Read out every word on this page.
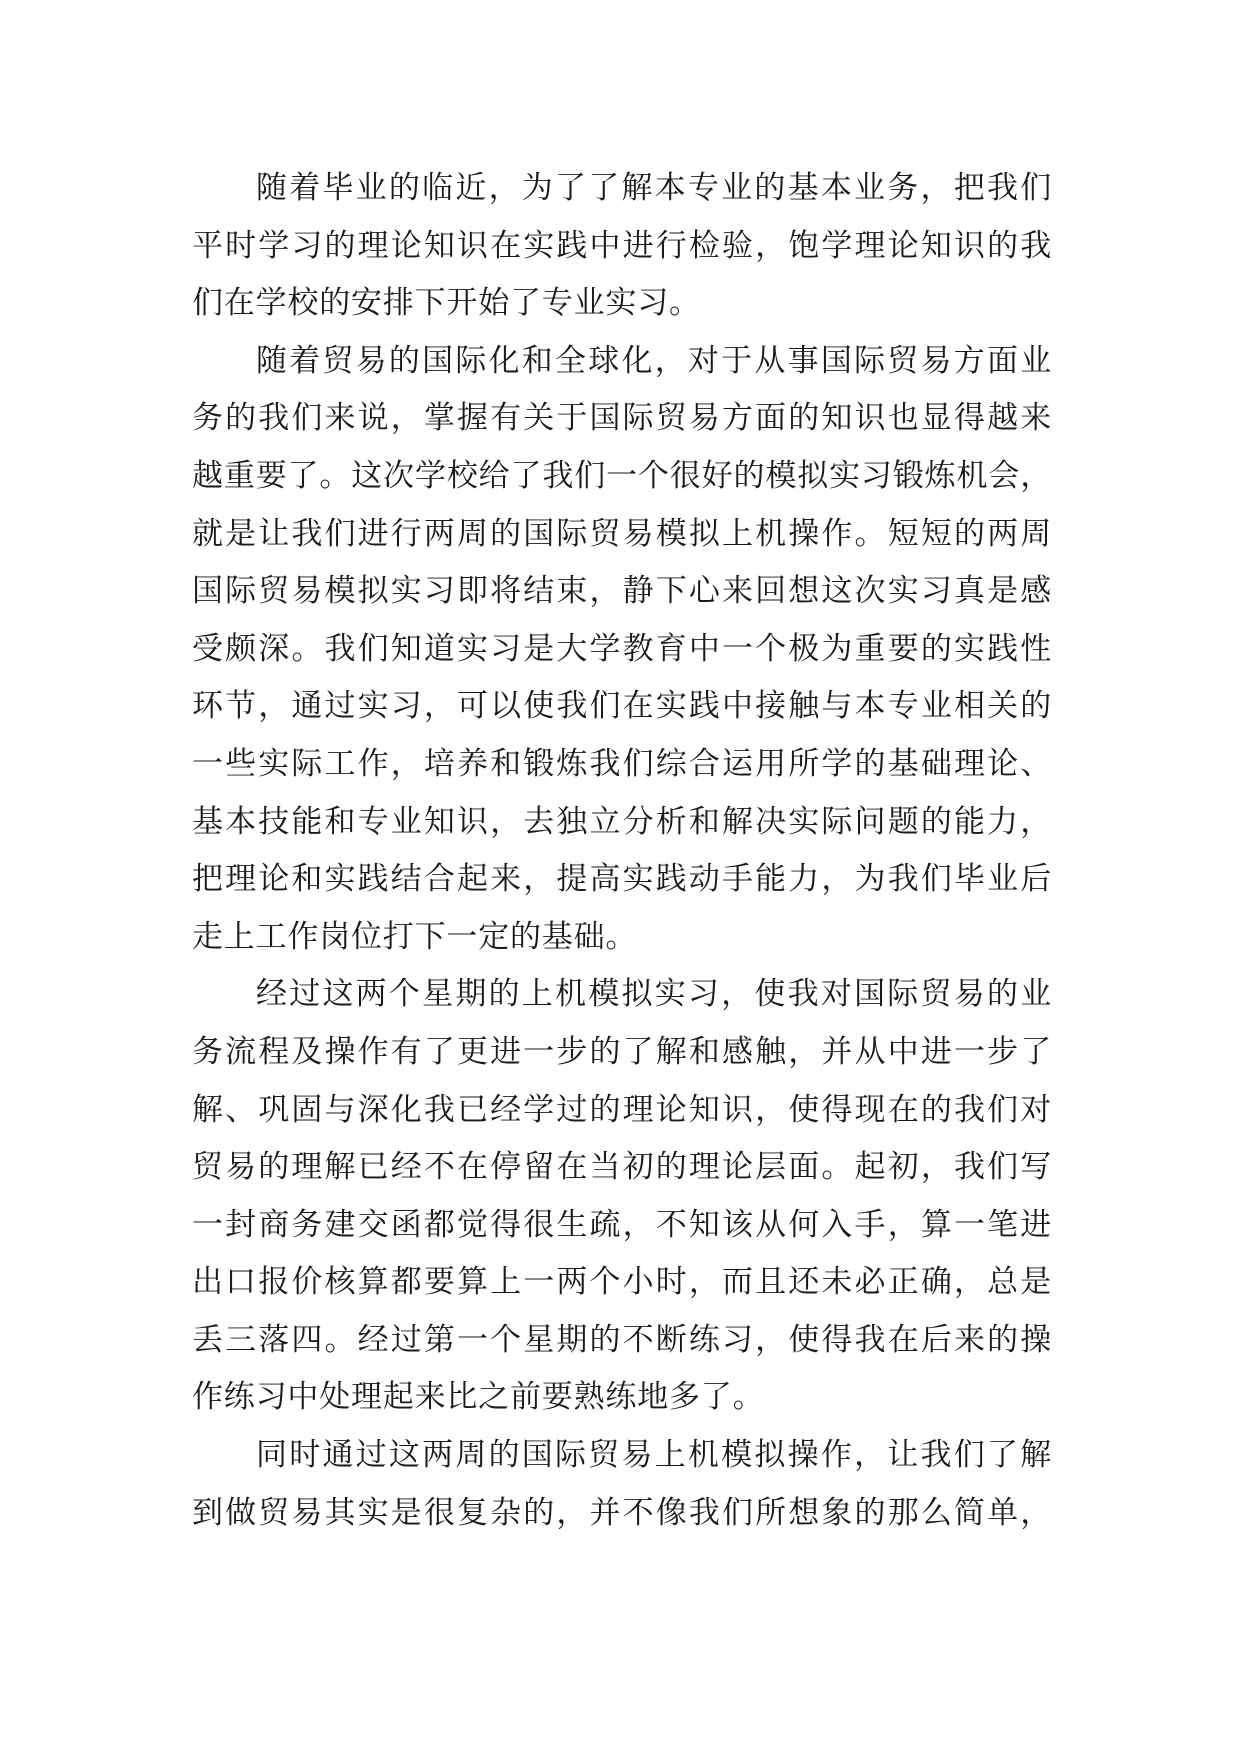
随着毕业的临近，为了了解本专业的基本业务，把我们
平时学习的理论知识在实践中进行检验，饱学理论知识的我
们在学校的安排下开始了专业实习。
随着贸易的国际化和全球化，对于从事国际贸易方面业
务的我们来说，掌握有关于国际贸易方面的知识也显得越来
越重要了。这次学校给了我们一个很好的模拟实习锻炼机会，
就是让我们进行两周的国际贸易模拟上机操作。短短的两周
国际贸易模拟实习即将结束，静下心来回想这次实习真是感
受颇深。我们知道实习是大学教育中一个极为重要的实践性
环节，通过实习，可以使我们在实践中接触与本专业相关的
一些实际工作，培养和锻炼我们综合运用所学的基础理论、
基本技能和专业知识，去独立分析和解决实际问题的能力，
把理论和实践结合起来，提高实践动手能力，为我们毕业后
走上工作岗位打下一定的基础。
经过这两个星期的上机模拟实习，使我对国际贸易的业
务流程及操作有了更进一步的了解和感触，并从中进一步了
解、巩固与深化我已经学过的理论知识，使得现在的我们对
贸易的理解已经不在停留在当初的理论层面。起初，我们写
一封商务建交函都觉得很生疏，不知该从何入手，算一笔进
出口报价核算都要算上一两个小时，而且还未必正确，总是
丢三落四。经过第一个星期的不断练习，使得我在后来的操
作练习中处理起来比之前要熟练地多了。
同时通过这两周的国际贸易上机模拟操作，让我们了解
到做贸易其实是很复杂的，并不像我们所想象的那么简单，
